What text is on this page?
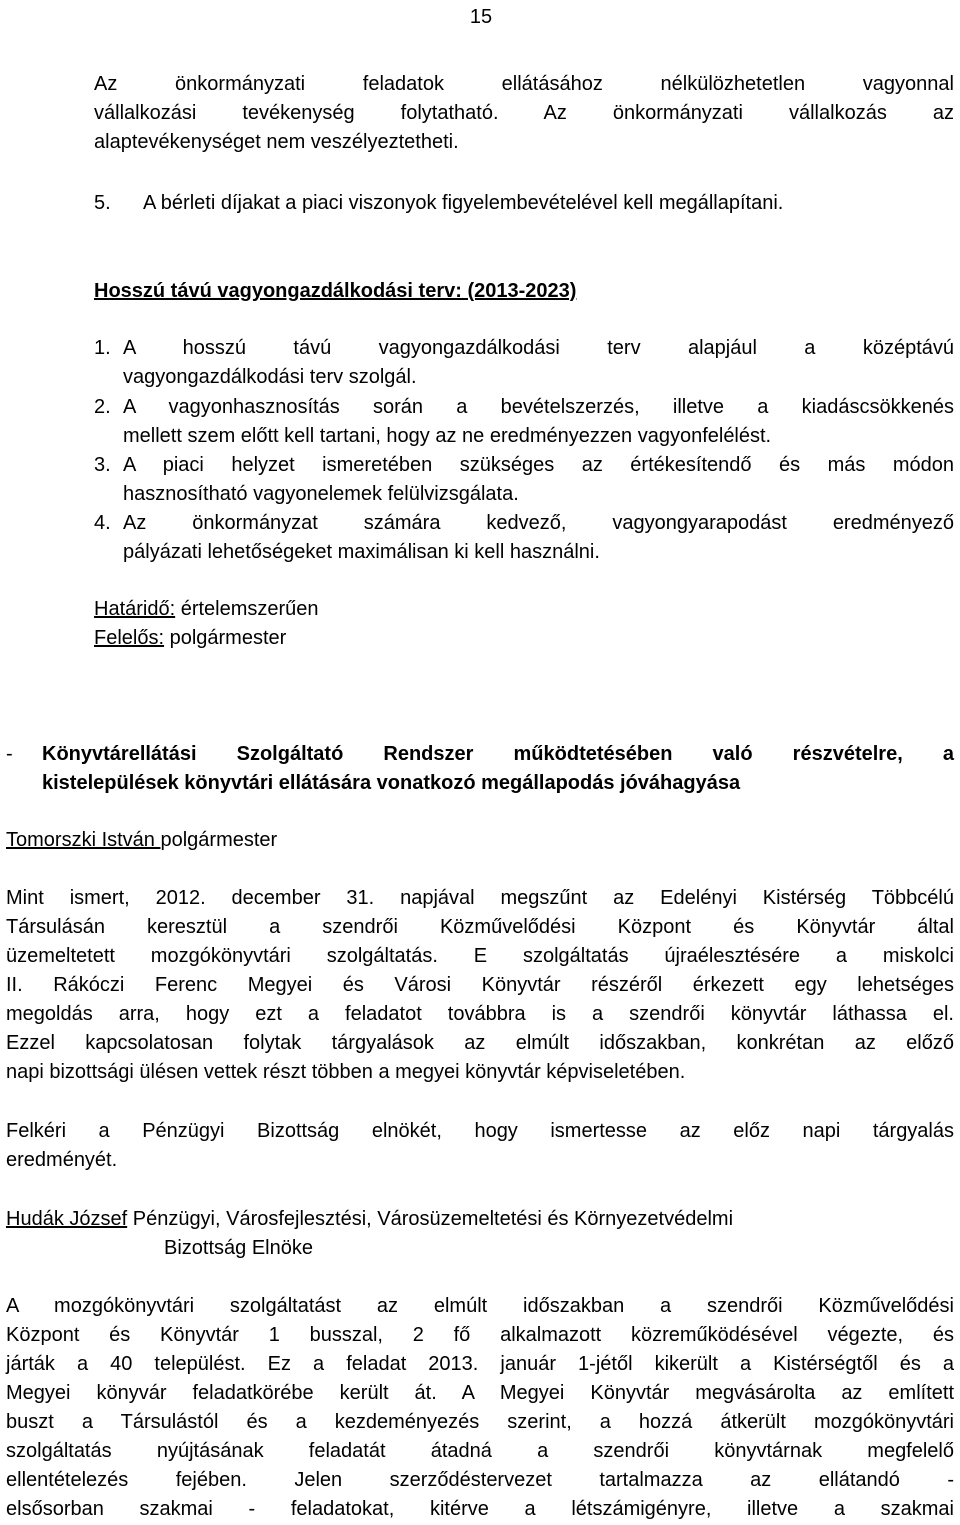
15
Az önkormányzati feladatok ellátásához nélkülözhetetlen vagyonnal
vállalkozási tevékenység folytatható. Az önkormányzati vállalkozás az
alaptevékenységet nem veszélyeztetheti.
5. A bérleti díjakat a piaci viszonyok figyelembevételével kell megállapítani.
Hosszú távú vagyongazdálkodási terv: (2013-2023)
1. A hosszú távú vagyongazdálkodási terv alapjául a középtávú
vagyongazdálkodási terv szolgál.
2. A vagyonhasznosítás során a bevételszerzés, illetve a kiadáscsökkenés
mellett szem előtt kell tartani, hogy az ne eredményezzen vagyonfelélést.
3. A piaci helyzet ismeretében szükséges az értékesítendő és más módon
hasznosítható vagyonelemek felülvizsgálata.
4. Az önkormányzat számára kedvező, vagyongyarapodást eredményező
pályázati lehetőségeket maximálisan ki kell használni.
Határidő: értelemszerűen
Felelős: polgármester
- Könyvtárellátási Szolgáltató Rendszer működtetésében való részvételre, a
kistelepülések könyvtári ellátására vonatkozó megállapodás jóváhagyása
Tomorszki István polgármester
Mint ismert, 2012. december 31. napjával megszűnt az Edelényi Kistérség Többcélú
Társulásán keresztül a szendrői Közművelődési Központ és Könyvtár által
üzemeltetett mozgókönyvtári szolgáltatás. E szolgáltatás újraélesztésére a miskolci
II. Rákóczi Ferenc Megyei és Városi Könyvtár részéről érkezett egy lehetséges
megoldás arra, hogy ezt a feladatot továbbra is a szendrői könyvtár láthassa el.
Ezzel kapcsolatosan folytak tárgyalások az elmúlt időszakban, konkrétan az előző
napi bizottsági ülésen vettek részt többen a megyei könyvtár képviseletében.
Felkéri a Pénzügyi Bizottság elnökét, hogy ismertesse az előz napi tárgyalás
eredményét.
Hudák József Pénzügyi, Városfejlesztési, Városüzemeltetési és Környezetvédelmi
Bizottság Elnöke
A mozgókönyvtári szolgáltatást az elmúlt időszakban a szendrői Közművelődési
Központ és Könyvtár 1 busszal, 2 fő alkalmazott közreműködésével végezte, és
járták a 40 települést. Ez a feladat 2013. január 1-jétől kikerült a Kistérségtől és a
Megyei könyvár feladatkörébe került át. A Megyei Könyvtár megvásárolta az említett
buszt a Társulástól és a kezdeményezés szerint, a hozzá átkerült mozgókönyvtári
szolgáltatás nyújtásának feladatát átadná a szendrői könyvtárnak megfelelő
ellentételezés fejében. Jelen szerződéstervezet tartalmazza az ellátandó -
elsősorban szakmai - feladatokat, kitérve a létszámigényre, illetve a szakmai
